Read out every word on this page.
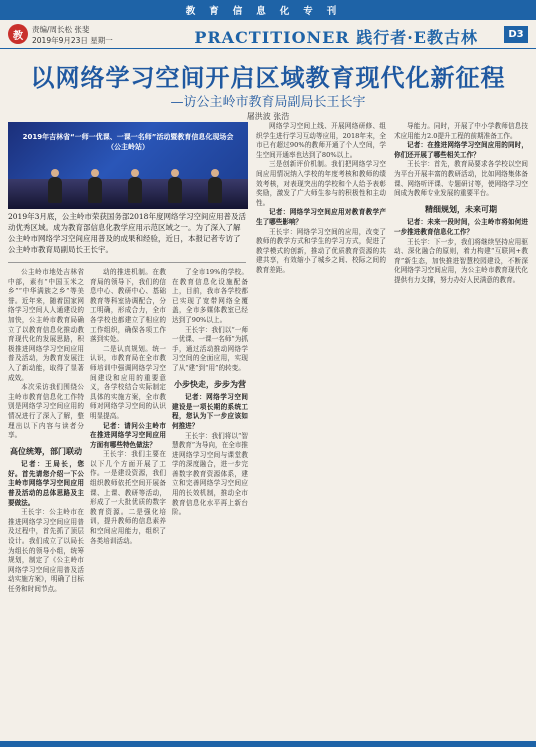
教育信息化专刊
教
责编/周长松 张斐
2019年9月23日 星期一	PRACTITIONER 践行者·E教古林	D3
以网络学习空间开启区域教育现代化新征程
—访公主岭市教育局副局长王长宇
屠洪波 张浩
2019年吉林省“一师一优课、一课一名师”活动暨教育信息化现场会（公主岭站）
2019年3月底，公主岭市荣获国务部2018年度网络学习空间应用普及活动优秀区域。成为教育部信息化教学应用示范区域之一。为了深入了解公主岭市网络学习空间应用普及的成果和经验，近日，本报记者专访了公主岭市教育局副局长王长宇。

公主岭市地处吉林省中部，素有“中国玉米之乡”“中华满族之乡”等美誉。近年来，随着国家网络学习空间人人通建设的加快，公主岭市教育局确立了以教育信息化推动教育现代化的发展思路，积极推进网络学习空间应用普及活动，为教育发展注入了新动能，取得了显著成效。

本次采访我们围绕公主岭市教育信息化工作特别是网络学习空间应用的情况进行了深入了解，整理出以下内容与读者分享。

高位统筹，部门联动

记者：王局长，您好。首先请您介绍一下公主岭市网络学习空间应用普及活动的总体思路及主要做法。

王长宇：公主岭市在推进网络学习空间应用普及过程中，首先抓了顶层设计。我们成立了以局长为组长的领导小组，统筹规划，制定了《公主岭市网络学习空间应用普及活动实施方案》，明确了目标任务和时间节点。

动的推进机制。在教育局的领导下，我们的信息中心、教研中心、基础教育等科室协调配合，分工明确，形成合力，全市各学校也都建立了相应的工作组织，确保各项工作落到实处。

二是认真规划。统一认识，市教育局在全市教师培训中强调网络学习空间建设和应用的重要意义，各学校结合实际制定具体的实施方案，全市教师对网络学习空间的认识明显提高。

记者：请问公主岭市在推进网络学习空间应用方面有哪些特色做法？

王长宇：我们主要在以下几个方面开展了工作。一是建设资源，我们组织教师依托空间开展备课、上课、教研等活动，形成了一大批优质的数字教育资源。二是强化培训，提升教师的信息素养和空间应用能力，组织了各类培训活动。

了全市19%的学校。在教育信息化设施配备上，目前，我市各学校都已实现了宽带网络全覆盖，全市多媒体教室已经达到了90%以上。

王长宇：我们以“一师一优课、一课一名师”为抓手，通过活动推动网络学习空间的全面应用，实现了从“建”到“用”的转变。

小步快走，步步为营

记者：网络学习空间建设是一项长期的系统工程，您认为下一步应该如何推进？

王长宇：我们将以“智慧教育”为导向，在全市推进网络学习空间与课堂教学的深度融合，进一步完善数字教育资源体系，建立和完善网络学习空间应用的长效机制，推动全市教育信息化水平再上新台阶。

网络学习空间上线、开展网络研修、组织学生进行学习互动等应用，2018年末，全市已有超过90%的教师开通了个人空间，学生空间开通率也达到了80%以上。

三是创新评价机制。我们把网络学习空间应用情况纳入学校的年度考核和教师的绩效考核，对表现突出的学校和个人给予表彰奖励，激发了广大师生参与的积极性和主动性。

记者：网络学习空间应用对教育教学产生了哪些影响？

王长宇：网络学习空间的应用，改变了教师的教学方式和学生的学习方式，促进了教学模式的创新，推动了优质教育资源的共建共享，有效缩小了城乡之间、校际之间的教育差距。

导能力。同时，开展了中小学教师信息技术应用能力2.0提升工程的前期准备工作。

记者：在推进网络学习空间应用的同时，你们还开展了哪些相关工作？

王长宇：首先，教育局要求各学校以空间为平台开展丰富的教研活动，比如网络集体备课、网络听评课、专题研讨等，使网络学习空间成为教师专业发展的重要平台。

精细规划，未来可期

记者：未来一段时间，公主岭市将如何进一步推进教育信息化工作？

王长宇：下一步，我们将继续坚持应用驱动、深化融合的原则，着力构建“互联网+教育”新生态，加快推进智慧校园建设，不断深化网络学习空间应用，为公主岭市教育现代化提供有力支撑，努力办好人民满意的教育。
